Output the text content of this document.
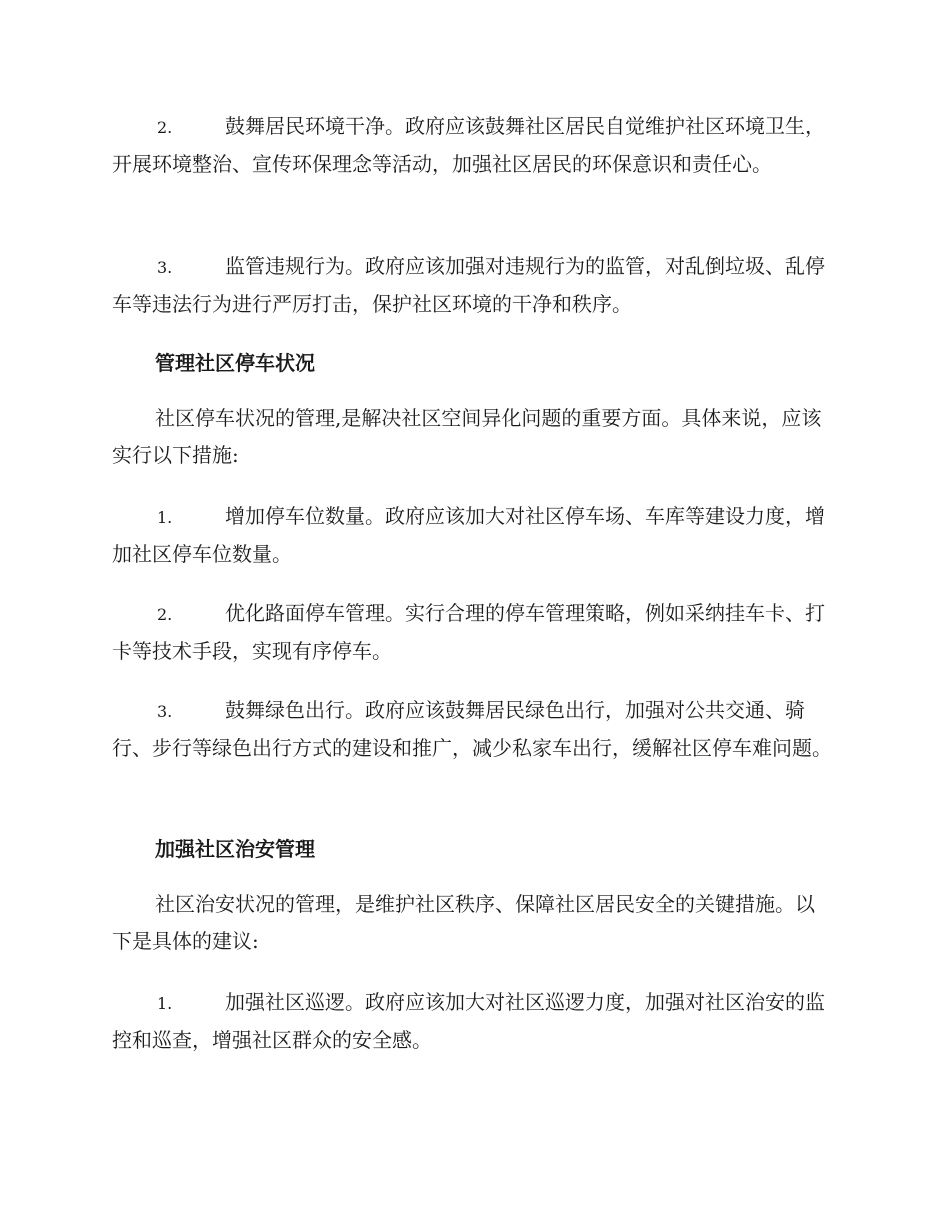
2.	鼓舞居民环境干净。政府应该鼓舞社区居民自觉维护社区环境卫生，开展环境整治、宣传环保理念等活动，加强社区居民的环保意识和责任心。

3.	监管违规行为。政府应该加强对违规行为的监管，对乱倒垃圾、乱停车等违法行为进行严厉打击，保护社区环境的干净和秩序。

管理社区停车状况

社区停车状况的管理,是解决社区空间异化问题的重要方面。具体来说，应该实行以下措施:

1.	增加停车位数量。政府应该加大对社区停车场、车库等建设力度，增加社区停车位数量。

2.	优化路面停车管理。实行合理的停车管理策略，例如采纳挂车卡、打卡等技术手段，实现有序停车。

3.	鼓舞绿色出行。政府应该鼓舞居民绿色出行，加强对公共交通、骑行、步行等绿色出行方式的建设和推广，减少私家车出行，缓解社区停车难问题。

加强社区治安管理

社区治安状况的管理，是维护社区秩序、保障社区居民安全的关键措施。以下是具体的建议:

1.	加强社区巡逻。政府应该加大对社区巡逻力度，加强对社区治安的监控和巡查，增强社区群众的安全感。
